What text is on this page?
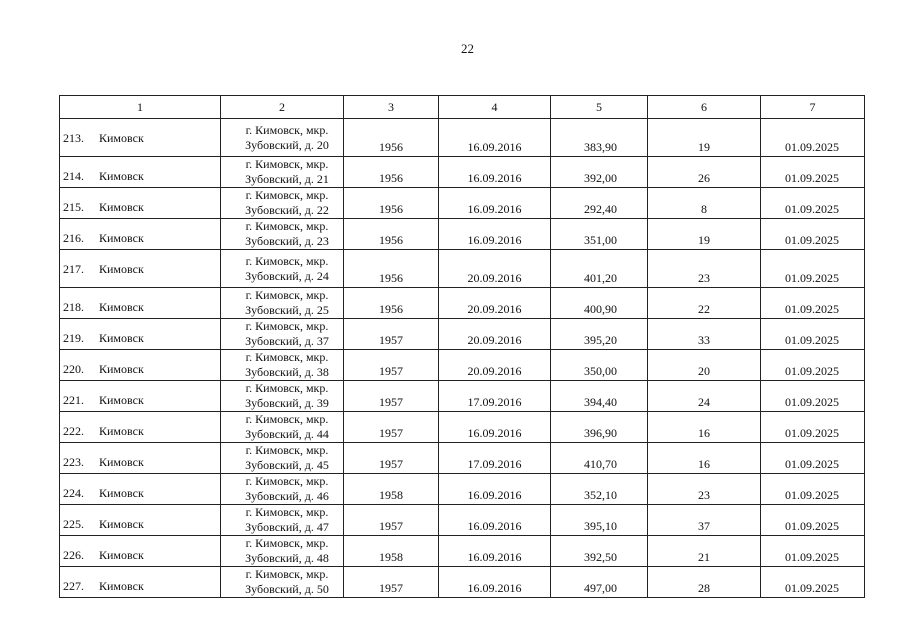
22
1	2	3	4	5	6	7
213. Кимовск	г. Кимовск, мкр.
Зубовский, д. 20	1956	16.09.2016	383,90	19	01.09.2025
214. Кимовск	г. Кимовск, мкр.
Зубовский, д. 21	1956	16.09.2016	392,00	26	01.09.2025
215. Кимовск	г. Кимовск, мкр.
Зубовский, д. 22	1956	16.09.2016	292,40	8	01.09.2025
216. Кимовск	г. Кимовск, мкр.
Зубовский, д. 23	1956	16.09.2016	351,00	19	01.09.2025
217. Кимовск	г. Кимовск, мкр.
Зубовский, д. 24	1956	20.09.2016	401,20	23	01.09.2025
218. Кимовск	г. Кимовск, мкр.
Зубовский, д. 25	1956	20.09.2016	400,90	22	01.09.2025
219. Кимовск	г. Кимовск, мкр.
Зубовский, д. 37	1957	20.09.2016	395,20	33	01.09.2025
220. Кимовск	г. Кимовск, мкр.
Зубовский, д. 38	1957	20.09.2016	350,00	20	01.09.2025
221. Кимовск	г. Кимовск, мкр.
Зубовский, д. 39	1957	17.09.2016	394,40	24	01.09.2025
222. Кимовск	г. Кимовск, мкр.
Зубовский, д. 44	1957	16.09.2016	396,90	16	01.09.2025
223. Кимовск	г. Кимовск, мкр.
Зубовский, д. 45	1957	17.09.2016	410,70	16	01.09.2025
224. Кимовск	г. Кимовск, мкр.
Зубовский, д. 46	1958	16.09.2016	352,10	23	01.09.2025
225. Кимовск	г. Кимовск, мкр.
Зубовский, д. 47	1957	16.09.2016	395,10	37	01.09.2025
226. Кимовск	г. Кимовск, мкр.
Зубовский, д. 48	1958	16.09.2016	392,50	21	01.09.2025
227. Кимовск	г. Кимовск, мкр.
Зубовский, д. 50	1957	16.09.2016	497,00	28	01.09.2025
